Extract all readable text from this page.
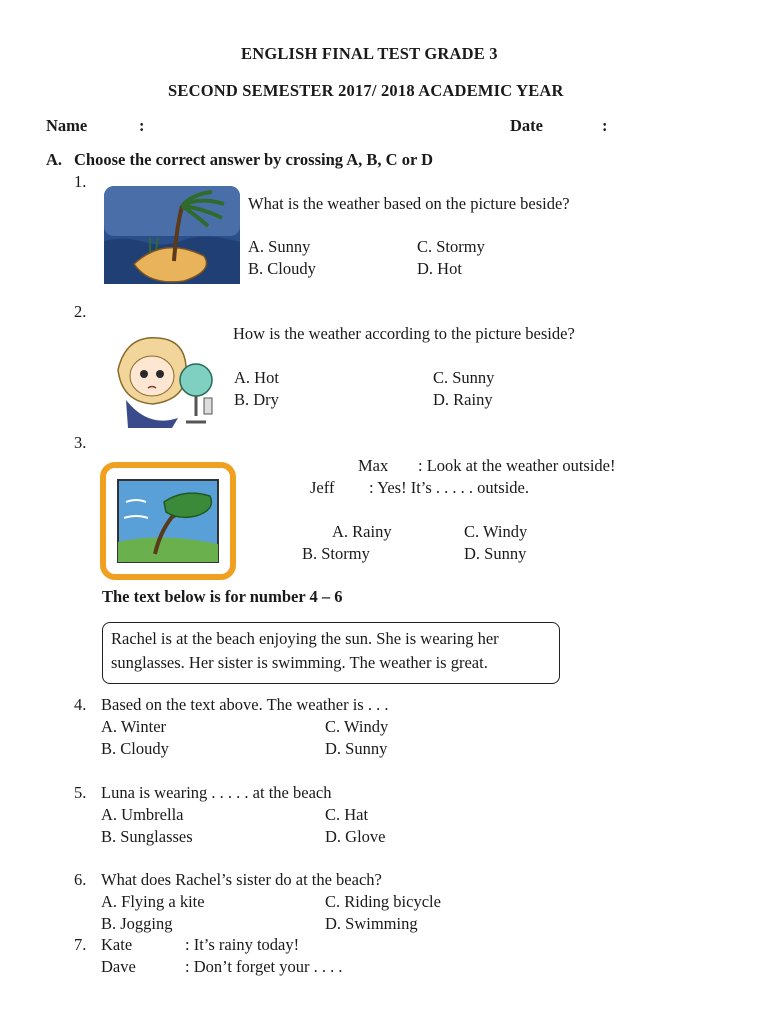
ENGLISH FINAL TEST GRADE 3
SECOND SEMESTER 2017/ 2018 ACADEMIC YEAR
Name	:	Date	:
A. Choose the correct answer by crossing A, B, C or D
1.
What is the weather based on the picture beside?
A. Sunny	C. Stormy
B. Cloudy	D. Hot
2.
How is the weather according to the picture beside?
A. Hot	C. Sunny
B. Dry	D. Rainy
3.
Max : Look at the weather outside!
Jeff : Yes! It’s . . . . . outside.
A. Rainy	C. Windy
B. Stormy	D. Sunny
The text below is for number 4 – 6
Rachel is at the beach enjoying the sun. She is wearing her
sunglasses. Her sister is swimming. The weather is great.
4. Based on the text above. The weather is . . .
A. Winter	C. Windy
B. Cloudy	D. Sunny
5. Luna is wearing . . . . . at the beach
A. Umbrella	C. Hat
B. Sunglasses	D. Glove
6. What does Rachel’s sister do at the beach?
A. Flying a kite	C. Riding bicycle
B. Jogging	D. Swimming
7. Kate	: It’s rainy today!
Dave	: Don’t forget your . . . .
